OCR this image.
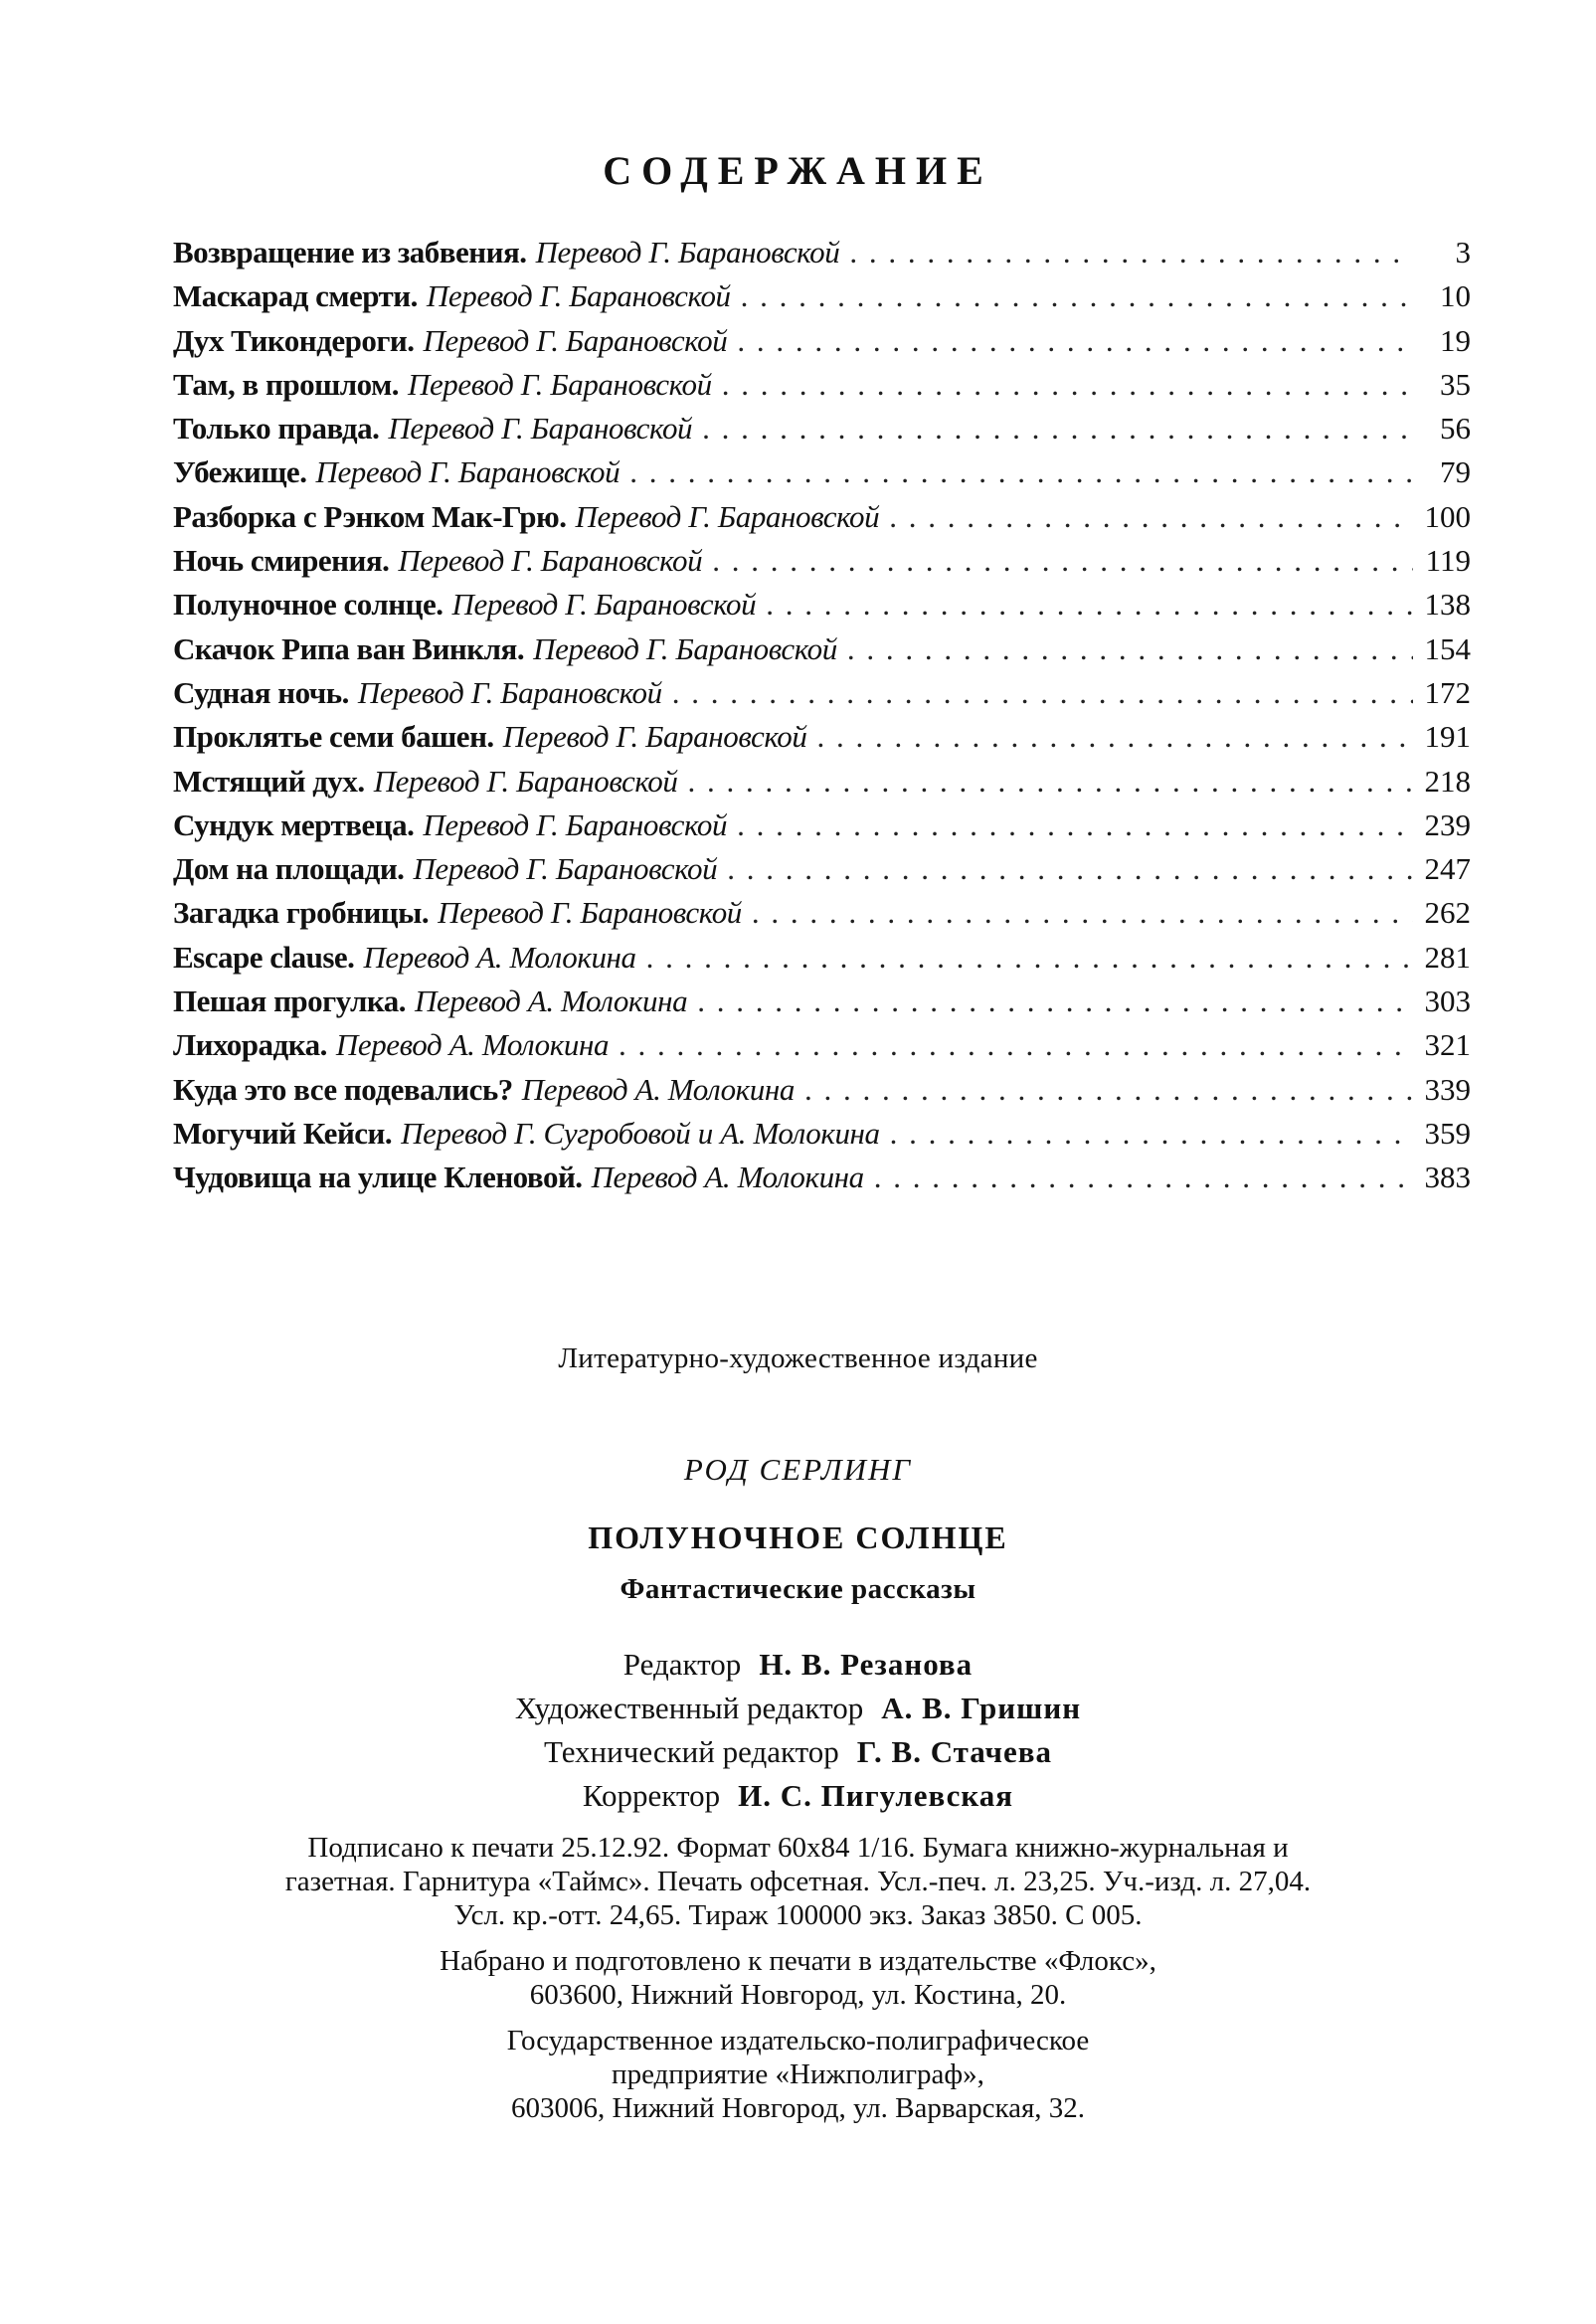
СОДЕРЖАНИЕ
Возвращение из забвения. Перевод Г. Барановской . . .	3
Маскарад смерти. Перевод Г. Барановской . . .	10
Дух Тикондероги. Перевод Г. Барановской . . .	19
Там, в прошлом. Перевод Г. Барановской . . .	35
Только правда. Перевод Г. Барановской . . .	56
Убежище. Перевод Г. Барановской . . .	79
Разборка с Рэнком Мак-Грю. Перевод Г. Барановской . . .	100
Ночь смирения. Перевод Г. Барановской . . .	119
Полуночное солнце. Перевод Г. Барановской . . .	138
Скачок Рипа ван Винкля. Перевод Г. Барановской . . .	154
Судная ночь. Перевод Г. Барановской . . .	172
Проклятье семи башен. Перевод Г. Барановской . . .	191
Мстящий дух. Перевод Г. Барановской . . .	218
Сундук мертвеца. Перевод Г. Барановской . . .	239
Дом на площади. Перевод Г. Барановской . . .	247
Загадка гробницы. Перевод Г. Барановской . . .	262
Escape clause. Перевод А. Молокина . . .	281
Пешая прогулка. Перевод А. Молокина . . .	303
Лихорадка. Перевод А. Молокина . . .	321
Куда это все подевались? Перевод А. Молокина . . .	339
Могучий Кейси. Перевод Г. Сугробовой и А. Молокина . . .	359
Чудовища на улице Кленовой. Перевод А. Молокина . . .	383
Литературно-художественное издание
РОД СЕРЛИНГ
ПОЛУНОЧНОЕ СОЛНЦЕ
Фантастические рассказы
Редактор Н. В. Резанова
Художественный редактор А. В. Гришин
Технический редактор Г. В. Стачева
Корректор И. С. Пигулевская
Подписано к печати 25.12.92. Формат 60х84 1/16. Бумага книжно-журнальная и
газетная. Гарнитура «Таймс». Печать офсетная. Усл.-печ. л. 23,25. Уч.-изд. л. 27,04.
Усл. кр.-отт. 24,65. Тираж 100000 экз. Заказ 3850. С 005.
Набрано и подготовлено к печати в издательстве «Флокс»,
603600, Нижний Новгород, ул. Костина, 20.
Государственное издательско-полиграфическое
предприятие «Нижполиграф»,
603006, Нижний Новгород, ул. Варварская, 32.
